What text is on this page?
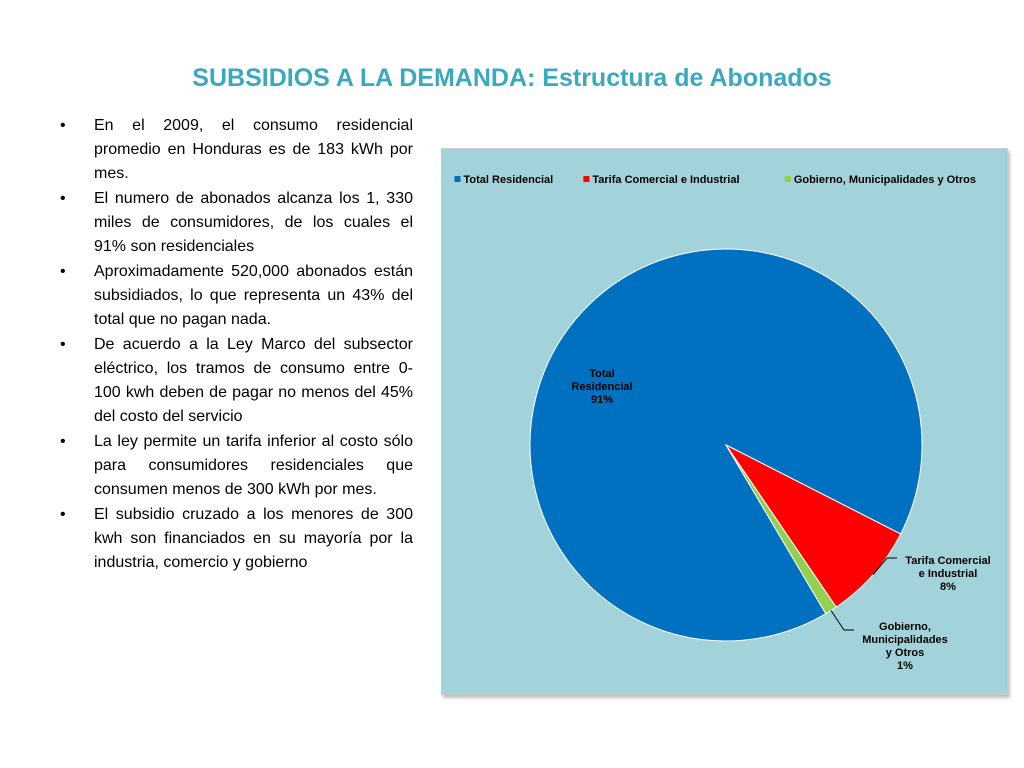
SUBSIDIOS A LA DEMANDA: Estructura de Abonados
• En el 2009, el consumo residencial promedio en Honduras es de 183 kWh por mes.
• El numero de abonados alcanza los 1, 330 miles de consumidores, de los cuales el 91% son residenciales
• Aproximadamente 520,000 abonados están subsidiados, lo que representa un 43% del total que no pagan nada.
• De acuerdo a la Ley Marco del subsector eléctrico, los tramos de consumo entre 0-100 kwh deben de pagar no menos del 45% del costo del servicio
• La ley permite un tarifa inferior al costo sólo para consumidores residenciales que consumen menos de 300 kWh por mes.
• El subsidio cruzado a los menores de 300 kwh son financiados en su mayoría por la industria, comercio y gobierno
Total Residencial	Tarifa Comercial e Industrial	Gobierno, Municipalidades y Otros
Total Residencial 91%
Tarifa Comercial e Industrial 8%
Gobierno, Municipalidades y Otros 1%
